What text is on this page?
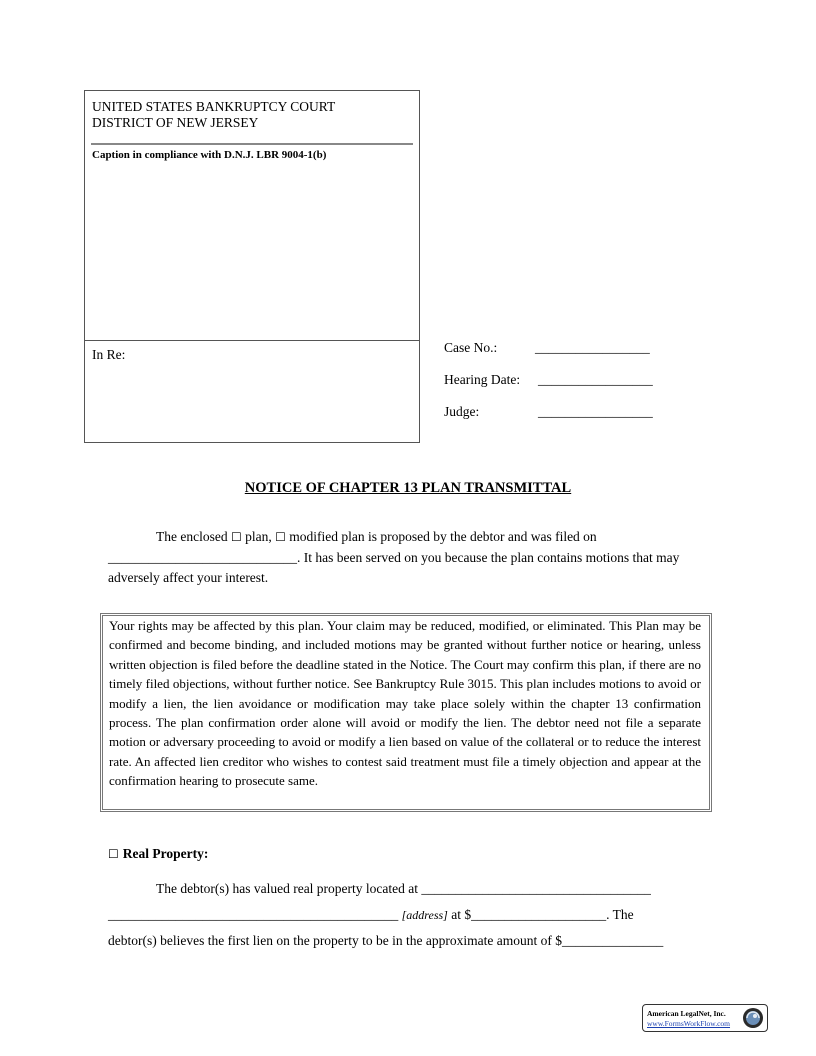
UNITED STATES BANKRUPTCY COURT
DISTRICT OF NEW JERSEY
Caption in compliance with D.N.J. LBR 9004-1(b)
In Re:	Case No.:	_________________
Hearing Date: _________________
Judge:	_________________
NOTICE OF CHAPTER 13 PLAN TRANSMITTAL
The enclosed ☐ plan, ☐ modified plan is proposed by the debtor and was filed on ____________________________. It has been served on you because the plan contains motions that may adversely affect your interest.
Your rights may be affected by this plan. Your claim may be reduced, modified, or eliminated. This Plan may be confirmed and become binding, and included motions may be granted without further notice or hearing, unless written objection is filed before the deadline stated in the Notice. The Court may confirm this plan, if there are no timely filed objections, without further notice. See Bankruptcy Rule 3015. This plan includes motions to avoid or modify a lien, the lien avoidance or modification may take place solely within the chapter 13 confirmation process. The plan confirmation order alone will avoid or modify the lien. The debtor need not file a separate motion or adversary proceeding to avoid or modify a lien based on value of the collateral or to reduce the interest rate. An affected lien creditor who wishes to contest said treatment must file a timely objection and appear at the confirmation hearing to prosecute same.
☐ Real Property:
The debtor(s) has valued real property located at __________________________________
___________________________________________ [address] at $____________________. The
debtor(s) believes the first lien on the property to be in the approximate amount of $_______________
American LegalNet, Inc.
www.FormsWorkFlow.com
